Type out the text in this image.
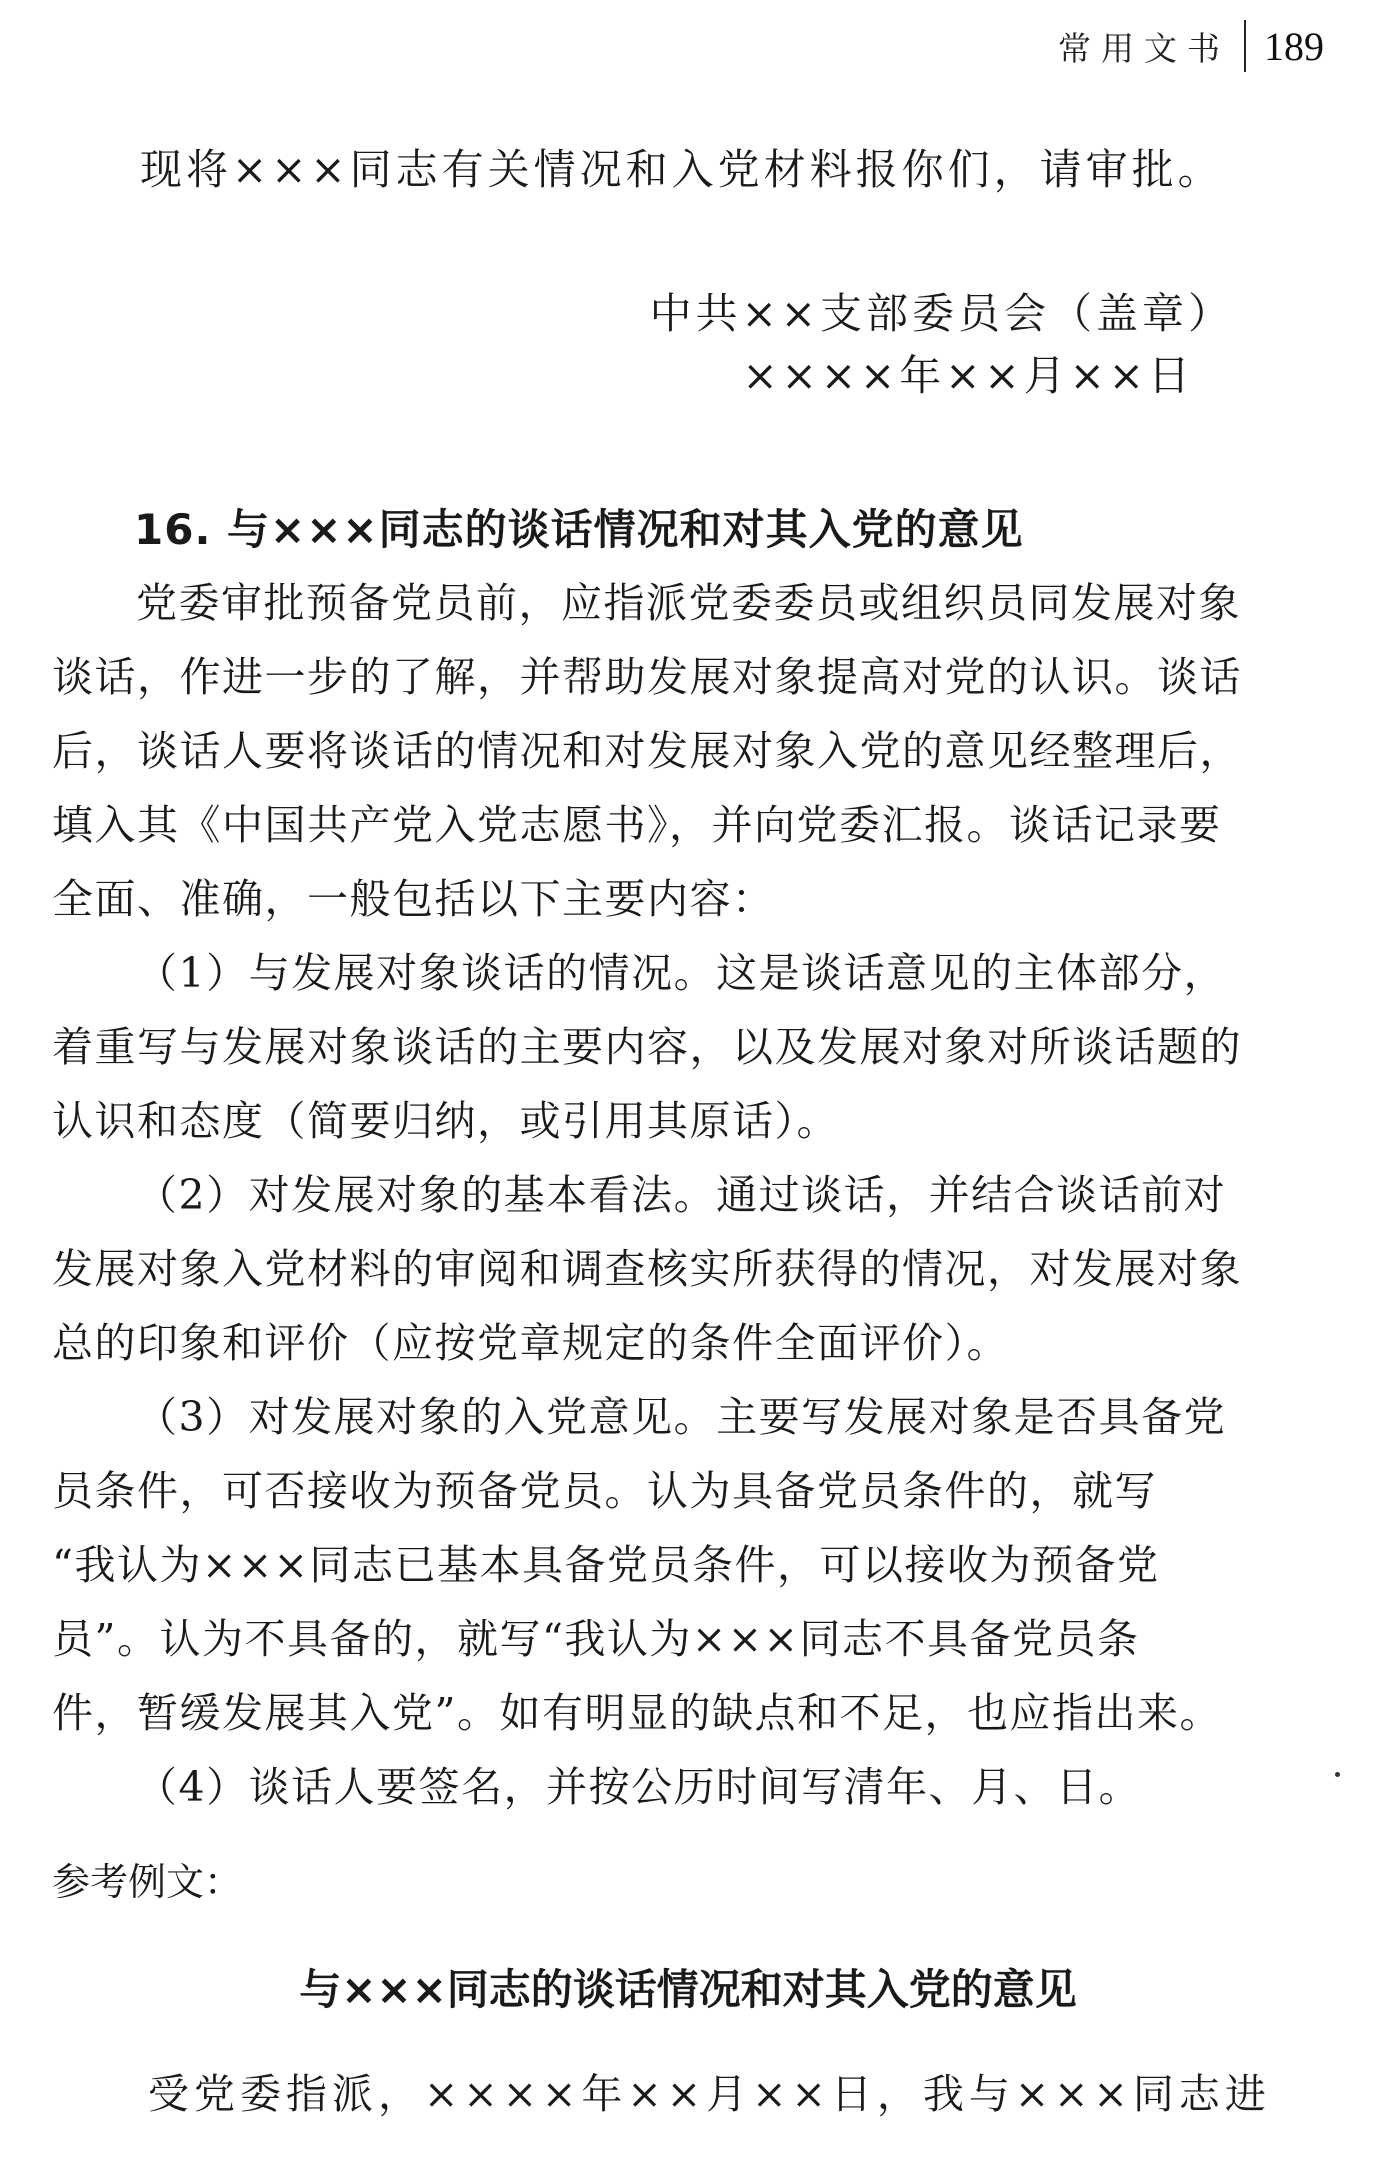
常用文书 189
现将×××同志有关情况和入党材料报你们，请审批。
中共××支部委员会（盖章）
××××年××月××日
16. 与×××同志的谈话情况和对其入党的意见
党委审批预备党员前，应指派党委委员或组织员同发展对象
谈话，作进一步的了解，并帮助发展对象提高对党的认识。谈话
后，谈话人要将谈话的情况和对发展对象入党的意见经整理后，
填入其《中国共产党入党志愿书》，并向党委汇报。谈话记录要
全面、准确，一般包括以下主要内容：
（1）与发展对象谈话的情况。这是谈话意见的主体部分，
着重写与发展对象谈话的主要内容，以及发展对象对所谈话题的
认识和态度（简要归纳，或引用其原话）。
（2）对发展对象的基本看法。通过谈话，并结合谈话前对
发展对象入党材料的审阅和调查核实所获得的情况，对发展对象
总的印象和评价（应按党章规定的条件全面评价）。
（3）对发展对象的入党意见。主要写发展对象是否具备党
员条件，可否接收为预备党员。认为具备党员条件的，就写
“我认为×××同志已基本具备党员条件，可以接收为预备党
员”。认为不具备的，就写“我认为×××同志不具备党员条
件，暂缓发展其入党”。如有明显的缺点和不足，也应指出来。
（4）谈话人要签名，并按公历时间写清年、月、日。
参考例文：
与×××同志的谈话情况和对其入党的意见
受党委指派，××××年××月××日，我与×××同志进
